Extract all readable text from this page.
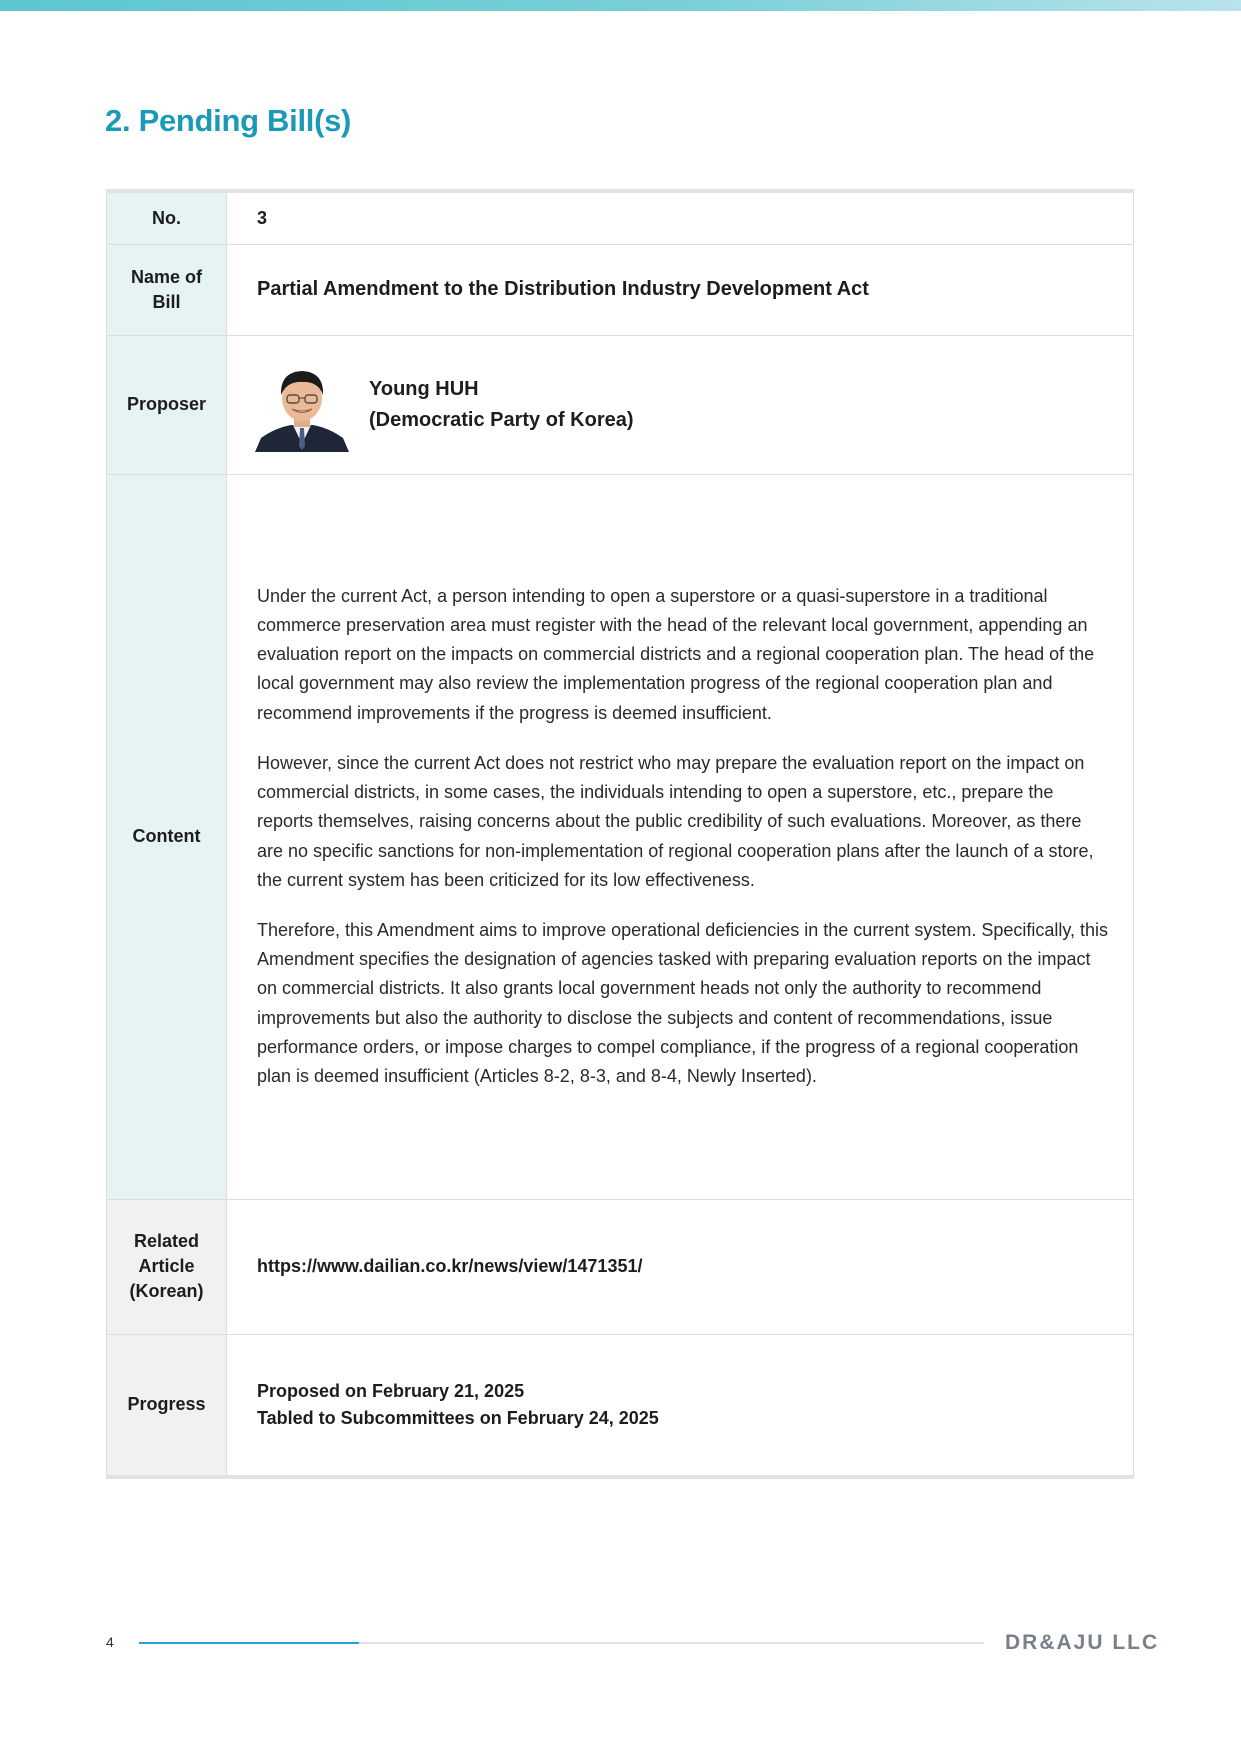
2. Pending Bill(s)
No.	3
Name of
Bill	Partial Amendment to the Distribution Industry Development Act
Proposer	Young HUH
(Democratic Party of Korea)

Content	Under the current Act, a person intending to open a superstore or a quasi-superstore in a traditional commerce preservation area must register with the head of the relevant local government, appending an evaluation report on the impacts on commercial districts and a regional cooperation plan. The head of the local government may also review the implementation progress of the regional cooperation plan and recommend improvements if the progress is deemed insufficient.

However, since the current Act does not restrict who may prepare the evaluation report on the impact on commercial districts, in some cases, the individuals intending to open a superstore, etc., prepare the reports themselves, raising concerns about the public credibility of such evaluations. Moreover, as there are no specific sanctions for non-implementation of regional cooperation plans after the launch of a store, the current system has been criticized for its low effectiveness.

Therefore, this Amendment aims to improve operational deficiencies in the current system. Specifically, this Amendment specifies the designation of agencies tasked with preparing evaluation reports on the impact on commercial districts. It also grants local government heads not only the authority to recommend improvements but also the authority to disclose the subjects and content of recommendations, issue performance orders, or impose charges to compel compliance, if the progress of a regional cooperation plan is deemed insufficient (Articles 8-2, 8-3, and 8-4, Newly Inserted).

Related
Article
(Korean)	https://www.dailian.co.kr/news/view/1471351/
Progress	Proposed on February 21, 2025
Tabled to Subcommittees on February 24, 2025
4	DR&AJU LLC
